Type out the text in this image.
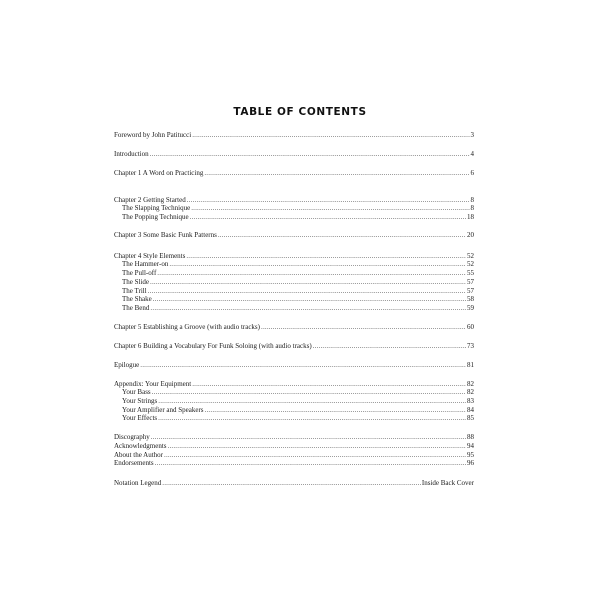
TABLE OF CONTENTS
Foreword by John Patitucci .....	3
Introduction .....	4
Chapter 1 A Word on Practicing .....	6
Chapter 2 Getting Started .....	8
The Slapping Technique .....	8
The Popping Technique .....	18
Chapter 3 Some Basic Funk Patterns .....	20
Chapter 4 Style Elements .....	52
The Hammer-on .....	52
The Pull-off .....	55
The Slide .....	57
The Trill .....	57
The Shake .....	58
The Bend .....	59
Chapter 5 Establishing a Groove (with audio tracks) .....	60
Chapter 6 Building a Vocabulary For Funk Soloing (with audio tracks) .....	73
Epilogue .....	81
Appendix: Your Equipment .....	82
Your Bass .....	82
Your Strings .....	83
Your Amplifier and Speakers .....	84
Your Effects .....	85
Discography .....	88
Acknowledgments .....	94
About the Author .....	95
Endorsements .....	96
Notation Legend .....	Inside Back Cover
